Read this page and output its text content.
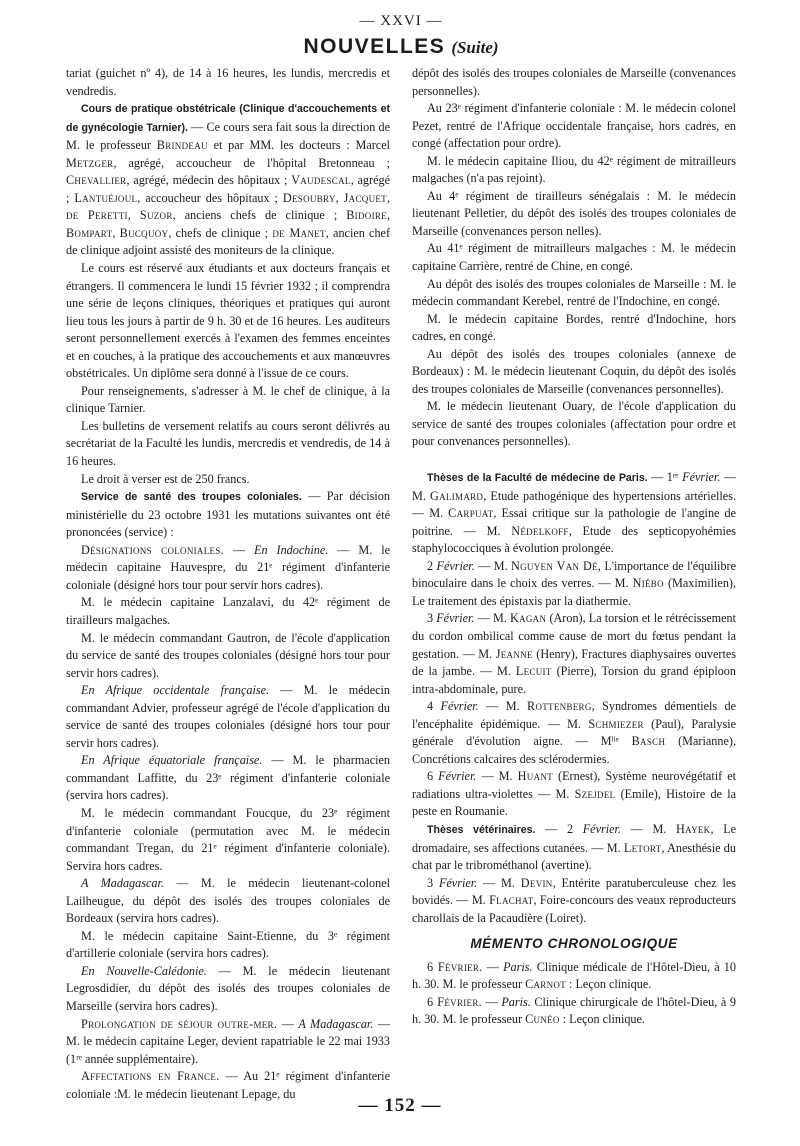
— XXVI —
NOUVELLES (Suite)

tariat (guichet nº 4), de 14 à 16 heures, les lundis, mercredis et vendredis.

Cours de pratique obstétricale (Clinique d'accouchements et de gynécologie Tarnier). — Ce cours sera fait sous la direction de M. le professeur Brindeau et par MM. les docteurs : Marcel Metzger, agrégé, accoucheur de l'hôpital Bretonneau ; Chevallier, agrégé, médecin des hôpitaux ; Vaudescal, agrégé ; Lantuéjoul, accoucheur des hôpitaux ; Desoubry, Jacquet, de Peretti, Suzor, anciens chefs de clinique ; Bidoire, Bompart, Bucquoy, chefs de clinique ; de Manet, ancien chef de clinique adjoint assisté des moniteurs de la clinique.

Le cours est réservé aux étudiants et aux docteurs français et étrangers. Il commencera le lundi 15 février 1932 ; il comprendra une série de leçons cliniques, théoriques et pratiques qui auront lieu tous les jours à partir de 9 h. 30 et de 16 heures. Les auditeurs seront personnellement exercés à l'examen des femmes enceintes et en couches, à la pratique des accouchements et aux manœuvres obstétricales. Un diplôme sera donné à l'issue de ce cours.

Pour renseignements, s'adresser à M. le chef de clinique, à la clinique Tarnier.

Les bulletins de versement relatifs au cours seront délivrés au secrétariat de la Faculté les lundis, mercredis et vendredis, de 14 à 16 heures.

Le droit à verser est de 250 francs.

Service de santé des troupes coloniales. — Par décision ministérielle du 23 octobre 1931 les mutations suivantes ont été prononcées (service) :

Désignations coloniales. — En Indochine. — M. le médecin capitaine Hauvespre, du 21ᵉ régiment d'infanterie coloniale (désigné hors tour pour servir hors cadres).

M. le médecin capitaine Lanzalavi, du 42ᵉ régiment de tirailleurs malgaches.

M. le médecin commandant Gautron, de l'école d'application du service de santé des troupes coloniales (désigné hors tour pour servir hors cadres).

En Afrique occidentale française. — M. le médecin commandant Advier, professeur agrégé de l'école d'application du service de santé des troupes coloniales (désigné hors tour pour servir hors cadres).

En Afrique équatoriale française. — M. le pharmacien commandant Laffitte, du 23ᵉ régiment d'infanterie coloniale (servira hors cadres).

M. le médecin commandant Foucque, du 23ᵉ régiment d'infanterie coloniale (permutation avec M. le médecin commandant Tregan, du 21ᵉ régiment d'infanterie coloniale). Servira hors cadres.

A Madagascar. — M. le médecin lieutenant-colonel Lailheugue, du dépôt des isolés des troupes coloniales de Bordeaux (servira hors cadres).

M. le médecin capitaine Saint-Etienne, du 3ᵉ régiment d'artillerie coloniale (servira hors cadres).

En Nouvelle-Calédonie. — M. le médecin lieutenant Legrosdidier, du dépôt des isolés des troupes coloniales de Marseille (servira hors cadres).

Prolongation de séjour outre-mer. — A Madagascar. — M. le médecin capitaine Leger, devient rapatriable le 22 mai 1933 (1ʳᵉ année supplémentaire).

Affectations en France. — Au 21ᵉ régiment d'infanterie coloniale :M. le médecin lieutenant Lepage, du

dépôt des isolés des troupes coloniales de Marseille (convenances personnelles).

Au 23ᵉ régiment d'infanterie coloniale : M. le médecin colonel Pezet, rentré de l'Afrique occidentale française, hors cadres, en congé (affectation pour ordre).

M. le médecin capitaine Iliou, du 42ᵉ régiment de mitrailleurs malgaches (n'a pas rejoint).

Au 4ᵉ régiment de tirailleurs sénégalais : M. le médecin lieutenant Pelletier, du dépôt des isolés des troupes coloniales de Marseille (convenances person nelles).

Au 41ᵉ régiment de mitrailleurs malgaches : M. le médecin capitaine Carrière, rentré de Chine, en congé.

Au dépôt des isolés des troupes coloniales de Marseille : M. le médecin commandant Kerebel, rentré de l'Indochine, en congé.

M. le médecin capitaine Bordes, rentré d'Indochine, hors cadres, en congé.

Au dépôt des isolés des troupes coloniales (annexe de Bordeaux) : M. le médecin lieutenant Coquin, du dépôt des isolés des troupes coloniales de Marseille (convenances personnelles).

M. le médecin lieutenant Ouary, de l'école d'application du service de santé des troupes coloniales (affectation pour ordre et pour convenances personnelles).

Thèses de la Faculté de médecine de Paris. — 1ᵉʳ Février. — M. Galimard, Etude pathogénique des hypertensions artérielles. — M. Carpuat, Essai critique sur la pathologie de l'angine de poitrine. — M. Nédelkoff, Etude des septicopyohémies staphylococciques à évolution prolongée.

2 Février. — M. Nguyen Van Dé, L'importance de l'équilibre binoculaire dans le choix des verres. — M. Niébo (Maximilien), Le traitement des épistaxis par la diathermie.

3 Février. — M. Kagan (Aron), La torsion et le rétrécissement du cordon ombilical comme cause de mort du fœtus pendant la gestation. — M. Jeanne (Henry), Fractures diaphysaires ouvertes de la jambe. — M. Lecuit (Pierre), Torsion du grand épiploon intra-abdominale, pure.

4 Février. — M. Rottenberg, Syndromes démentiels de l'encéphalite épidémique. — M. Schmiezer (Paul), Paralysie générale d'évolution aigne. — Mˡˡᵉ Basch (Marianne), Concrétions calcaires des sclérodermies.

6 Février. — M. Huant (Ernest), Système neurovégétatif et radiations ultra-violettes — M. Szejdel (Emile), Histoire de la peste en Roumanie.

Thèses vétérinaires. — 2 Février. — M. Hayek, Le dromadaire, ses affections cutanées. — M. Letort, Anesthésie du chat par le tribrométhanol (avertine).

3 Février. — M. Devin, Entérite paratuberculeuse chez les bovidés. — M. Flachat, Foire-concours des veaux reproducteurs charollais de la Pacaudière (Loiret).

MÉMENTO CHRONOLOGIQUE

6 Février. — Paris. Clinique médicale de l'Hôtel-Dieu, à 10 h. 30. M. le professeur Carnot : Leçon clinique.

6 Février. — Paris. Clinique chirurgicale de l'hôtel-Dieu, à 9 h. 30. M. le professeur Cunéo : Leçon clinique.

— 152 —
